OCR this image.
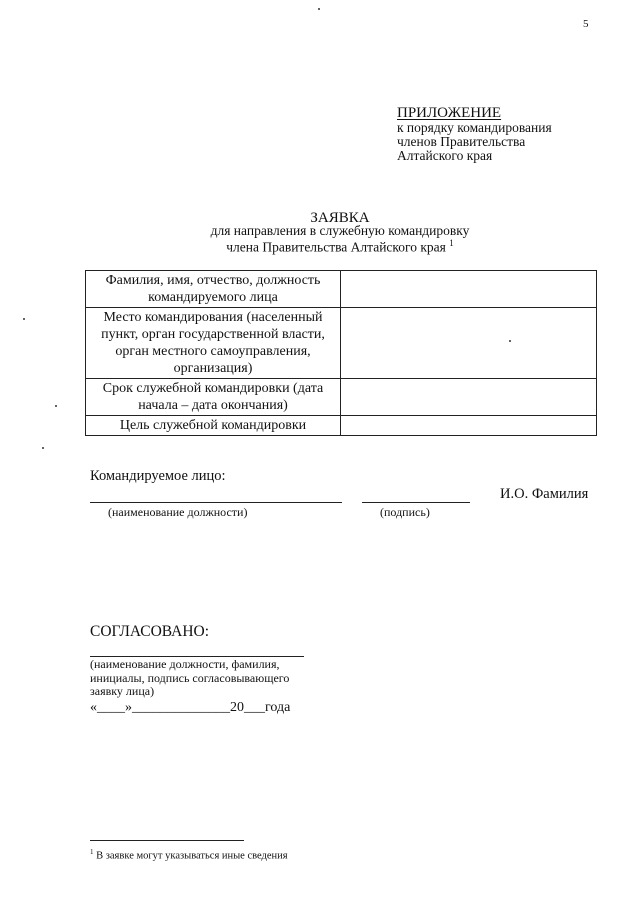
5
ПРИЛОЖЕНИЕ
к порядку командирования
членов Правительства
Алтайского края
ЗАЯВКА
для направления в служебную командировку
члена Правительства Алтайского края $^1$
Фамилия, имя, отчество, должность командируемого лица	
Место командирования (населенный пункт, орган государственной власти, орган местного самоуправления, организация)	
Срок служебной командировки (дата начала – дата окончания)	
Цель служебной командировки	
Командируемое лицо:
И.О. Фамилия
(наименование должности)	(подпись)
СОГЛАСОВАНО:
(наименование должности, фамилия,
инициалы, подпись согласовывающего
заявку лица)
«____»______________20___года
$^1$ В заявке могут указываться иные сведения
